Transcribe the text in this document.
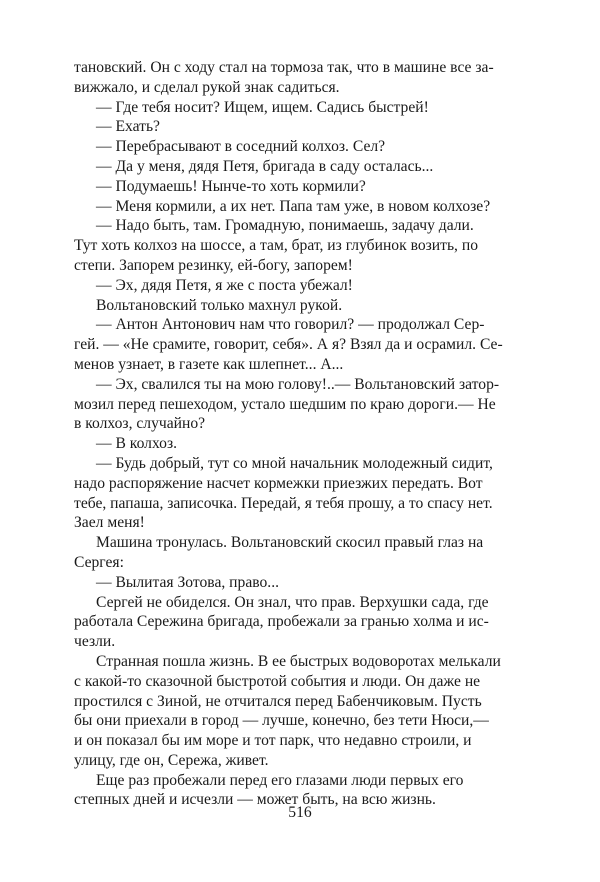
тановский. Он с ходу стал на тормоза так, что в машине все за-
вижжало, и сделал рукой знак садиться.
— Где тебя носит? Ищем, ищем. Садись быстрей!
— Ехать?
— Перебрасывают в соседний колхоз. Сел?
— Да у меня, дядя Петя, бригада в саду осталась...
— Подумаешь! Нынче-то хоть кормили?
— Меня кормили, а их нет. Папа там уже, в новом колхозе?
— Надо быть, там. Громадную, понимаешь, задачу дали.
Тут хоть колхоз на шоссе, а там, брат, из глубинок возить, по
степи. Запорем резинку, ей-богу, запорем!
— Эх, дядя Петя, я же с поста убежал!
Вольтановский только махнул рукой.
— Антон Антонович нам что говорил? — продолжал Сер-
гей. — «Не срамите, говорит, себя». А я? Взял да и осрамил. Се-
менов узнает, в газете как шлепнет... А...
— Эх, свалился ты на мою голову!..— Вольтановский затор-
мозил перед пешеходом, устало шедшим по краю дороги.— Не
в колхоз, случайно?
— В колхоз.
— Будь добрый, тут со мной начальник молодежный сидит,
надо распоряжение насчет кормежки приезжих передать. Вот
тебе, папаша, записочка. Передай, я тебя прошу, а то спасу нет.
Заел меня!
Машина тронулась. Вольтановский скосил правый глаз на
Сергея:
— Вылитая Зотова, право...
Сергей не обиделся. Он знал, что прав. Верхушки сада, где
работала Сережина бригада, пробежали за гранью холма и ис-
чезли.
Странная пошла жизнь. В ее быстрых водоворотах мелькали
с какой-то сказочной быстротой события и люди. Он даже не
простился с Зиной, не отчитался перед Бабенчиковым. Пусть
бы они приехали в город — лучше, конечно, без тети Нюси,—
и он показал бы им море и тот парк, что недавно строили, и
улицу, где он, Сережа, живет.
Еще раз пробежали перед его глазами люди первых его
степных дней и исчезли — может быть, на всю жизнь.
516
